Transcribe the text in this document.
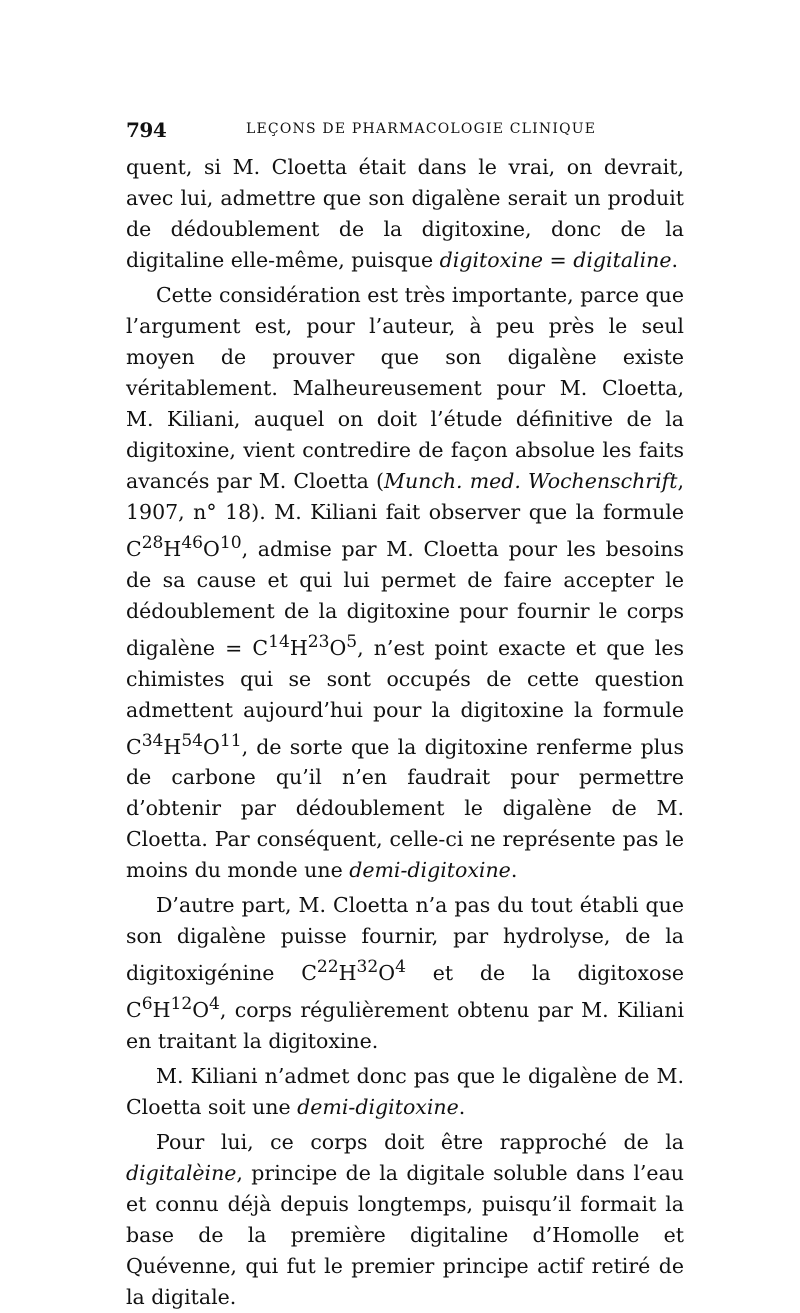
794	LEÇONS DE PHARMACOLOGIE CLINIQUE

quent, si M. Cloetta était dans le vrai, on devrait, avec lui, admettre que son digalène serait un produit de dédoublement de la digitoxine, donc de la digitaline elle-même, puisque digitoxine = digitaline.

Cette considération est très importante, parce que l’argument est, pour l’auteur, à peu près le seul moyen de prouver que son digalène existe véritablement. Malheureusement pour M. Cloetta, M. Kiliani, auquel on doit l’étude définitive de la digitoxine, vient contredire de façon absolue les faits avancés par M. Cloetta (Munch. med. Wochenschrift, 1907, n° 18). M. Kiliani fait observer que la formule $C^{28}H^{46}O^{10}$, admise par M. Cloetta pour les besoins de sa cause et qui lui permet de faire accepter le dédoublement de la digitoxine pour fournir le corps digalène = $C^{14}H^{23}O^5$, n’est point exacte et que les chimistes qui se sont occupés de cette question admettent aujourd’hui pour la digitoxine la formule $C^{34}H^{54}O^{11}$, de sorte que la digitoxine renferme plus de carbone qu’il n’en faudrait pour permettre d’obtenir par dédoublement le digalène de M. Cloetta. Par conséquent, celle-ci ne représente pas le moins du monde une demi-digitoxine.

D’autre part, M. Cloetta n’a pas du tout établi que son digalène puisse fournir, par hydrolyse, de la digitoxigénine $C^{22}H^{32}O^4$ et de la digitoxose $C^6H^{12}O^4$, corps régulièrement obtenu par M. Kiliani en traitant la digitoxine.

M. Kiliani n’admet donc pas que le digalène de M. Cloetta soit une demi-digitoxine.

Pour lui, ce corps doit être rapproché de la digitalèine, principe de la digitale soluble dans l’eau et connu déjà depuis longtemps, puisqu’il formait la base de la première digitaline d’Homolle et Quévenne, qui fut le premier principe actif retiré de la digitale.
